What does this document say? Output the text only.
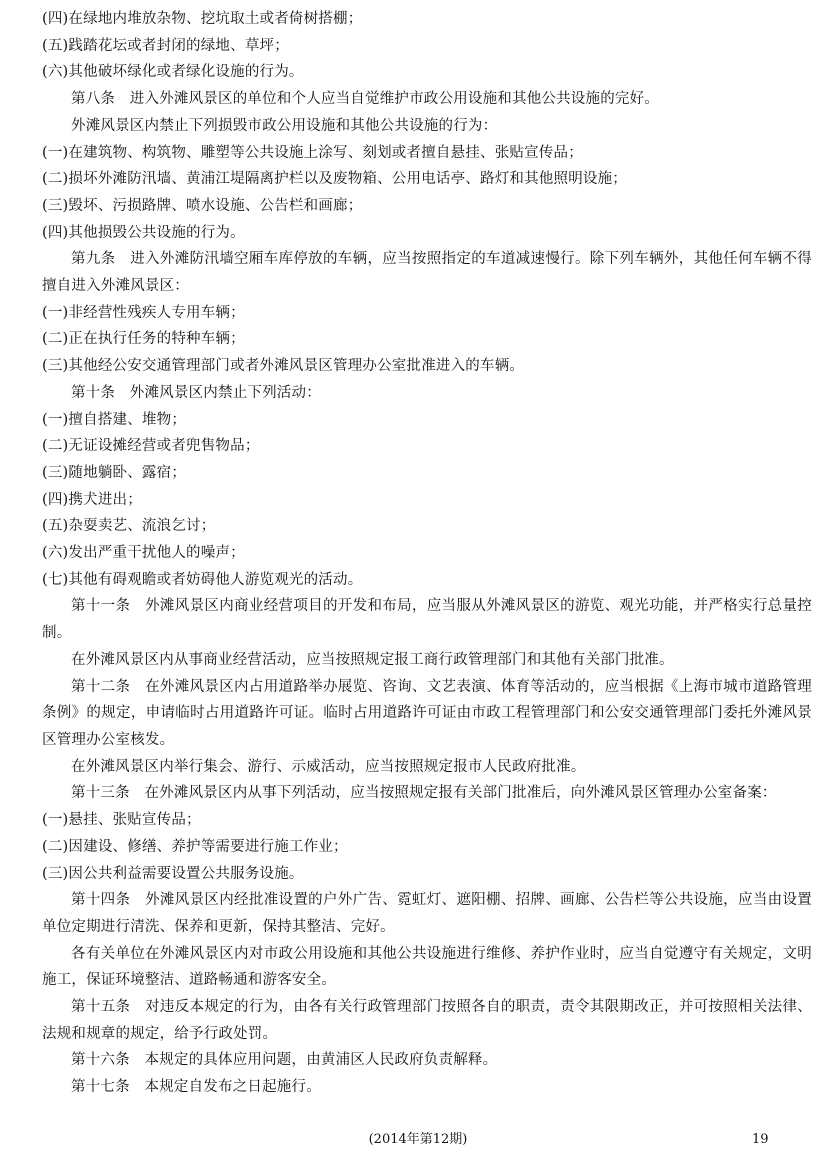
(四)在绿地内堆放杂物、挖坑取土或者倚树搭棚；

(五)践踏花坛或者封闭的绿地、草坪；

(六)其他破坏绿化或者绿化设施的行为。

第八条　进入外滩风景区的单位和个人应当自觉维护市政公用设施和其他公共设施的完好。

外滩风景区内禁止下列损毁市政公用设施和其他公共设施的行为：

(一)在建筑物、构筑物、雕塑等公共设施上涂写、刻划或者擅自悬挂、张贴宣传品；

(二)损坏外滩防汛墙、黄浦江堤隔离护栏以及废物箱、公用电话亭、路灯和其他照明设施；

(三)毁坏、污损路牌、喷水设施、公告栏和画廊；

(四)其他损毁公共设施的行为。

第九条　进入外滩防汛墙空厢车库停放的车辆，应当按照指定的车道减速慢行。除下列车辆外，其他任何车辆不得擅自进入外滩风景区：

(一)非经营性残疾人专用车辆；

(二)正在执行任务的特种车辆；

(三)其他经公安交通管理部门或者外滩风景区管理办公室批准进入的车辆。

第十条　外滩风景区内禁止下列活动：

(一)擅自搭建、堆物；

(二)无证设摊经营或者兜售物品；

(三)随地躺卧、露宿；

(四)携犬进出；

(五)杂耍卖艺、流浪乞讨；

(六)发出严重干扰他人的噪声；

(七)其他有碍观瞻或者妨碍他人游览观光的活动。

第十一条　外滩风景区内商业经营项目的开发和布局，应当服从外滩风景区的游览、观光功能，并严格实行总量控制。

在外滩风景区内从事商业经营活动，应当按照规定报工商行政管理部门和其他有关部门批准。

第十二条　在外滩风景区内占用道路举办展览、咨询、文艺表演、体育等活动的，应当根据《上海市城市道路管理条例》的规定，申请临时占用道路许可证。临时占用道路许可证由市政工程管理部门和公安交通管理部门委托外滩风景区管理办公室核发。

在外滩风景区内举行集会、游行、示威活动，应当按照规定报市人民政府批准。

第十三条　在外滩风景区内从事下列活动，应当按照规定报有关部门批准后，向外滩风景区管理办公室备案：

(一)悬挂、张贴宣传品；

(二)因建设、修缮、养护等需要进行施工作业；

(三)因公共利益需要设置公共服务设施。

第十四条　外滩风景区内经批准设置的户外广告、霓虹灯、遮阳棚、招牌、画廊、公告栏等公共设施，应当由设置单位定期进行清洗、保养和更新，保持其整洁、完好。

各有关单位在外滩风景区内对市政公用设施和其他公共设施进行维修、养护作业时，应当自觉遵守有关规定，文明施工，保证环境整洁、道路畅通和游客安全。

第十五条　对违反本规定的行为，由各有关行政管理部门按照各自的职责，责令其限期改正，并可按照相关法律、法规和规章的规定，给予行政处罚。

第十六条　本规定的具体应用问题，由黄浦区人民政府负责解释。

第十七条　本规定自发布之日起施行。

(2014年第12期)	19
